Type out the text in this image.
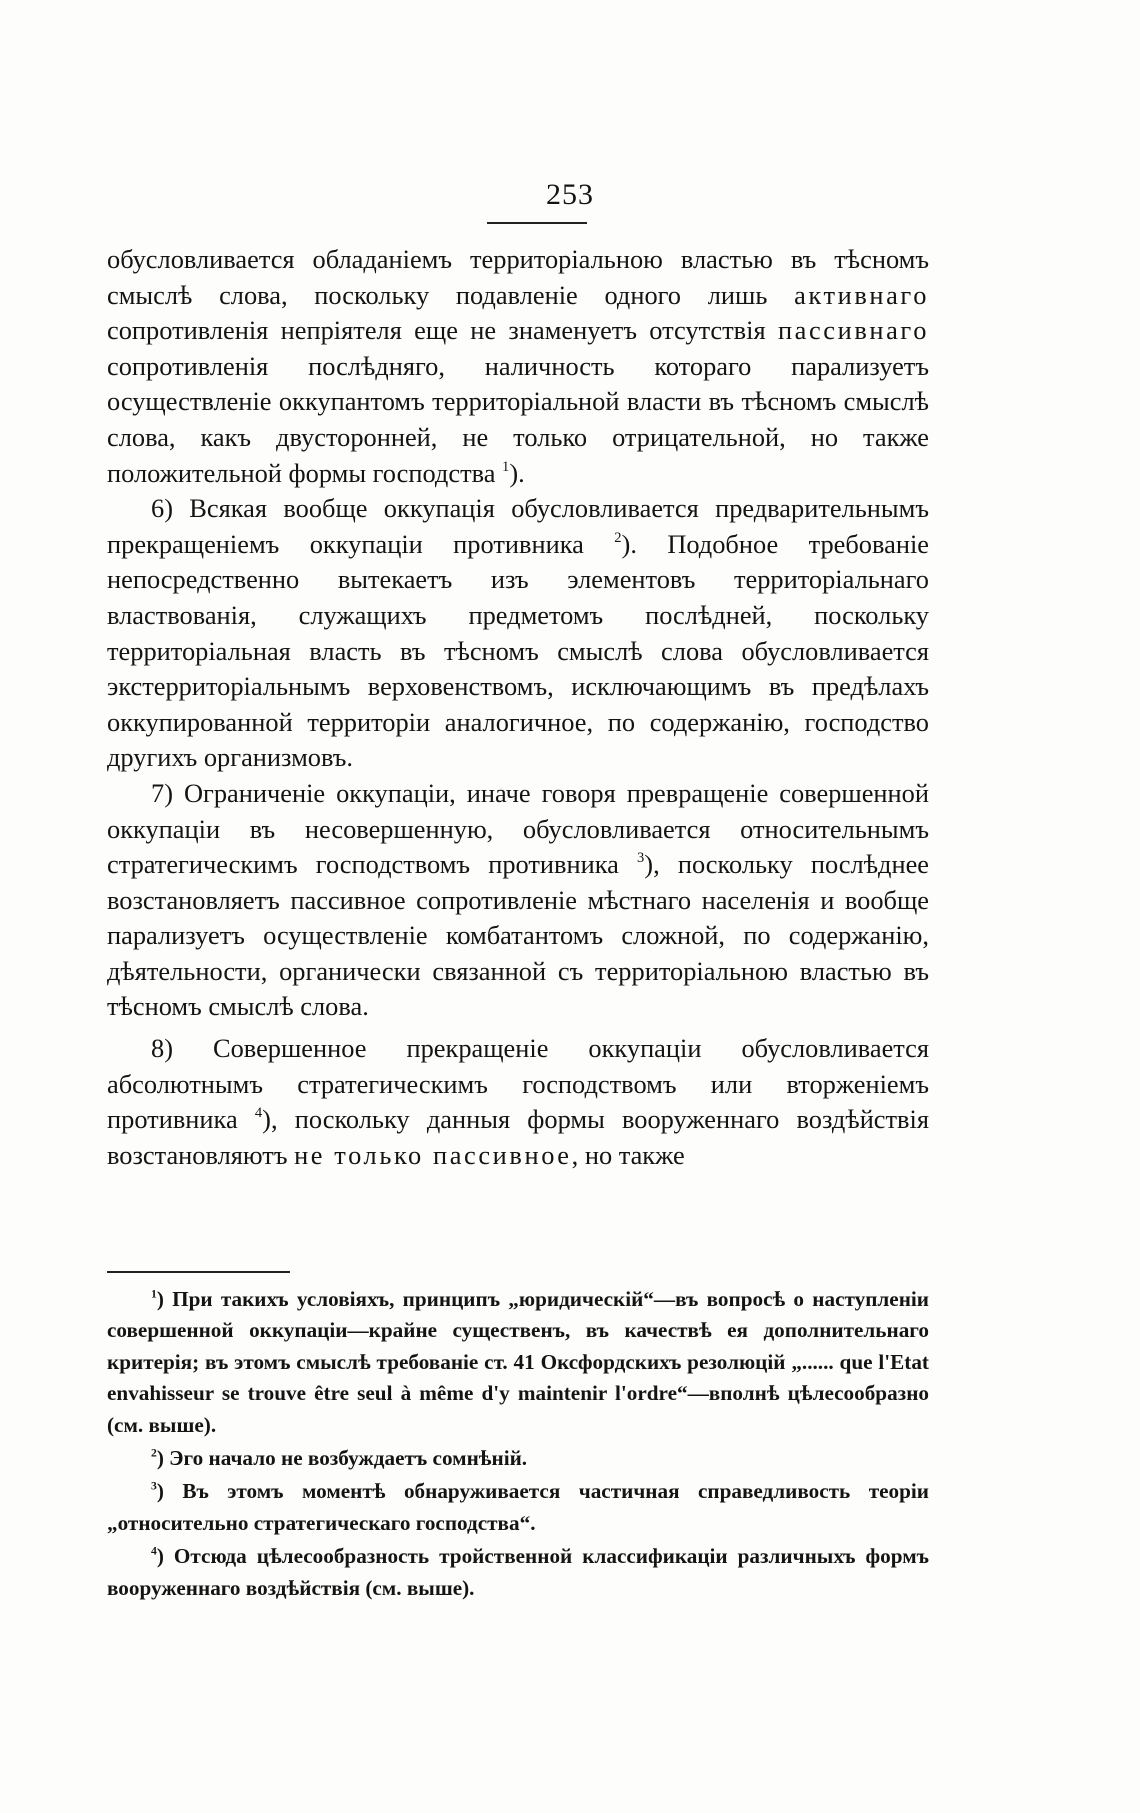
253

обусловливается обладаніемъ территоріальною властью въ тѣсномъ смыслѣ слова, поскольку подавленіе одного лишь активнаго сопротивленія непріятеля еще не знаменуетъ отсутствія пассивнаго сопротивленія послѣдняго, наличность котораго парализуетъ осуществленіе оккупантомъ территоріальной власти въ тѣсномъ смыслѣ слова, какъ двусторонней, не только отрицательной, но также положительной формы господства $^1$).

6) Всякая вообще оккупація обусловливается предварительнымъ прекращеніемъ оккупаціи противника $^2$). Подобное требованіе непосредственно вытекаетъ изъ элементовъ территоріальнаго властвованія, служащихъ предметомъ послѣдней, поскольку территоріальная власть въ тѣсномъ смыслѣ слова обусловливается экстерриторіальнымъ верховенствомъ, исключающимъ въ предѣлахъ оккупированной территоріи аналогичное, по содержанію, господство другихъ организмовъ.

7) Ограниченіе оккупаціи, иначе говоря превращеніе совершенной оккупаціи въ несовершенную, обусловливается относительнымъ стратегическимъ господствомъ противника $^3$), поскольку послѣднее возстановляетъ пассивное сопротивленіе мѣстнаго населенія и вообще парализуетъ осуществленіе комбатантомъ сложной, по содержанію, дѣятельности, органически связанной съ территоріальною властью въ тѣсномъ смыслѣ слова.

8) Совершенное прекращеніе оккупаціи обусловливается абсолютнымъ стратегическимъ господствомъ или вторженіемъ противника $^4$), поскольку данныя формы вооруженнаго воздѣйствія возстановляютъ не только пассивное, но также

$^1$) При такихъ условіяхъ, принципъ „юридическій“—въ вопросѣ о наступленіи совершенной оккупаціи—крайне существенъ, въ качествѣ ея дополнительнаго критерія; въ этомъ смыслѣ требованіе ст. 41 Оксфордскихъ резолюцій „...... que l'Etat envahisseur se trouve être seul à même d'y maintenir l'ordre“—вполнѣ цѣлесообразно (см. выше).

$^2$) Эго начало не возбуждаетъ сомнѣній.

$^3$) Въ этомъ моментѣ обнаруживается частичная справедливость теоріи „относительно стратегическаго господства“.

$^4$) Отсюда цѣлесообразность тройственной классификаціи различныхъ формъ вооруженнаго воздѣйствія (см. выше).
